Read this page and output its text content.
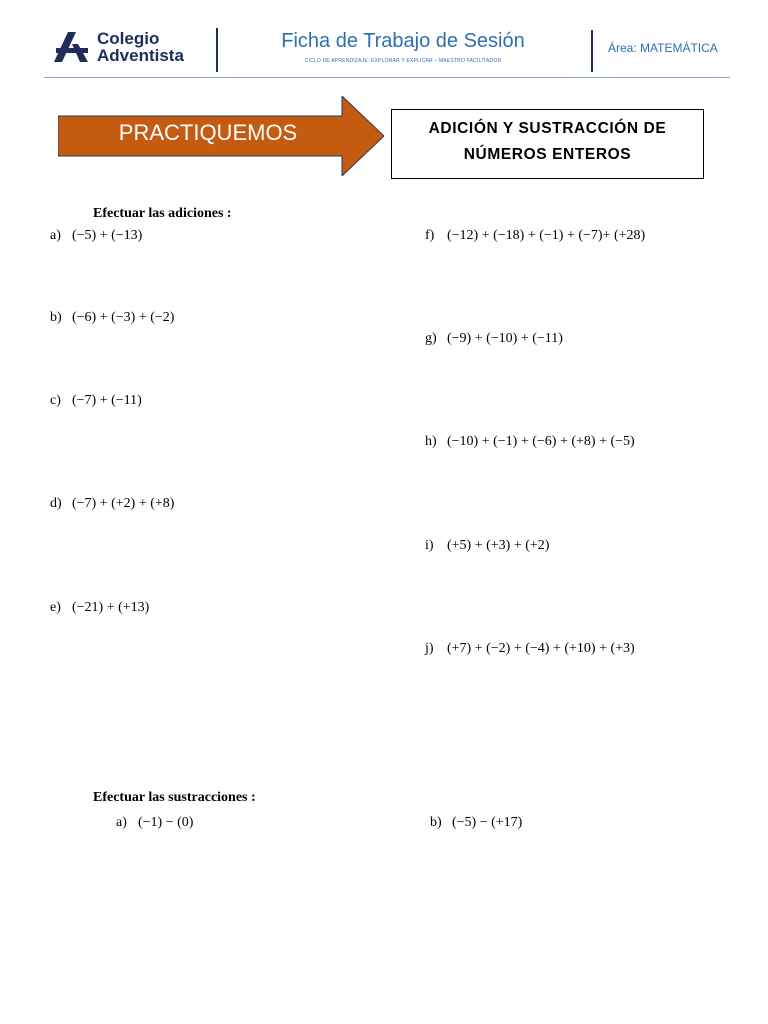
Colegio
Adventista
Ficha de Trabajo de Sesión
CICLO DE APRENDIZAJE: EXPLORAR Y EXPLICAR – MAESTRO FACILITADOR
Área: MATEMÁTICA
PRACTIQUEMOS	ADICIÓN Y SUSTRACCIÓN DE
NÚMEROS ENTEROS
Efectuar las adiciones :
a) (−5) + (−13)
b) (−6) + (−3) + (−2)
c) (−7) + (−11)
d) (−7) + (+2) + (+8)
e) (−21) + (+13)
f) (−12) + (−18) + (−1) + (−7)+ (+28)
g) (−9) + (−10) + (−11)
h) (−10) + (−1) + (−6) + (+8) + (−5)
i) (+5) + (+3) + (+2)
j) (+7) + (−2) + (−4) + (+10) + (+3)
Efectuar las sustracciones :
a) (−1) − (0)	b) (−5) − (+17)
